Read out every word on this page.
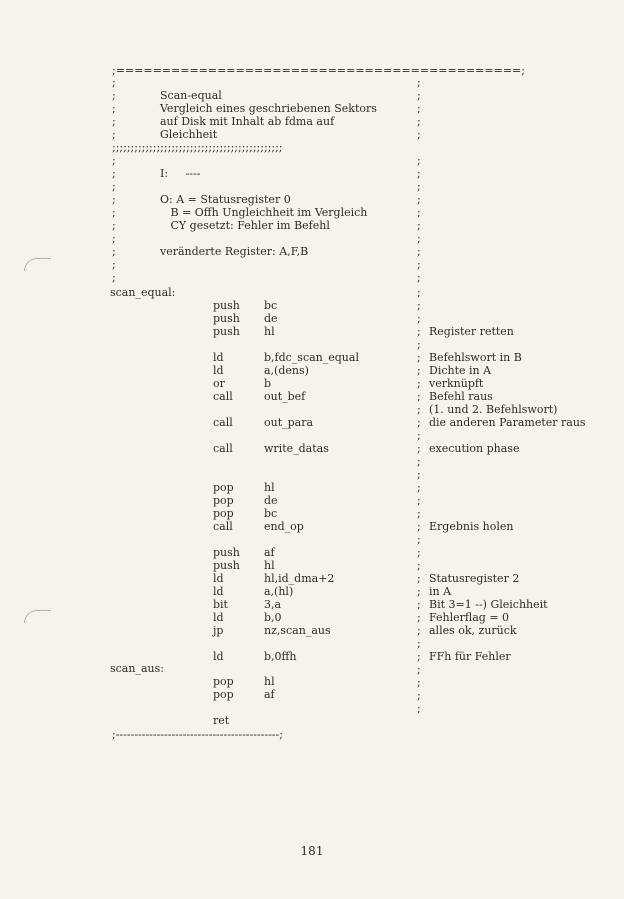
;============================================;
Scan-equal
Vergleich eines geschriebenen Sektors
auf Disk mit Inhalt ab fdma auf
Gleichheit
;;;;;;;;;;;;;;;;;;;;;;;;;;;;;;;;;;;;;;;;;;;;;;
I:     ----
O: A = Statusregister 0
B = Offh Ungleichheit im Vergleich
CY gesetzt: Fehler im Befehl
veränderte Register: A,F,B
scan_equal:
scan_aus:
push bc
push de
push hl	Register retten
ld	b,fdc_scan_equal	Befehlswort in B
ld	a,(dens)	Dichte in A
or	b	verknüpft
call	out_bef	Befehl raus
(1. und 2. Befehlswort)
call	out_para	die anderen Parameter raus
call	write_datas	execution phase
pop	hl
pop	de
pop	bc
call	end_op	Ergebnis holen
push af
push hl
ld	hl,id_dma+2	Statusregister 2
ld	a,(hl)	in A
bit	3,a	Bit 3=1 --) Gleichheit
ld	b,0	Fehlerflag = 0
jp	nz,scan_aus	alles ok, zurück
ld	b,0ffh	FFh für Fehler
pop	hl
pop	af
ret
;
;
;
;
;
;
;
;
;
;
;
;
;
;
;
;
;
;
;
;
;
;
;
;
;
;
;
;
;
;
;
;
;
;
;
;
;
;
;
;
;
;
;
;
;
;
;
;
;
;
;
;
;
;
;
;
;
;
;
;
;
;
;
;--------------------------------------------;
181
